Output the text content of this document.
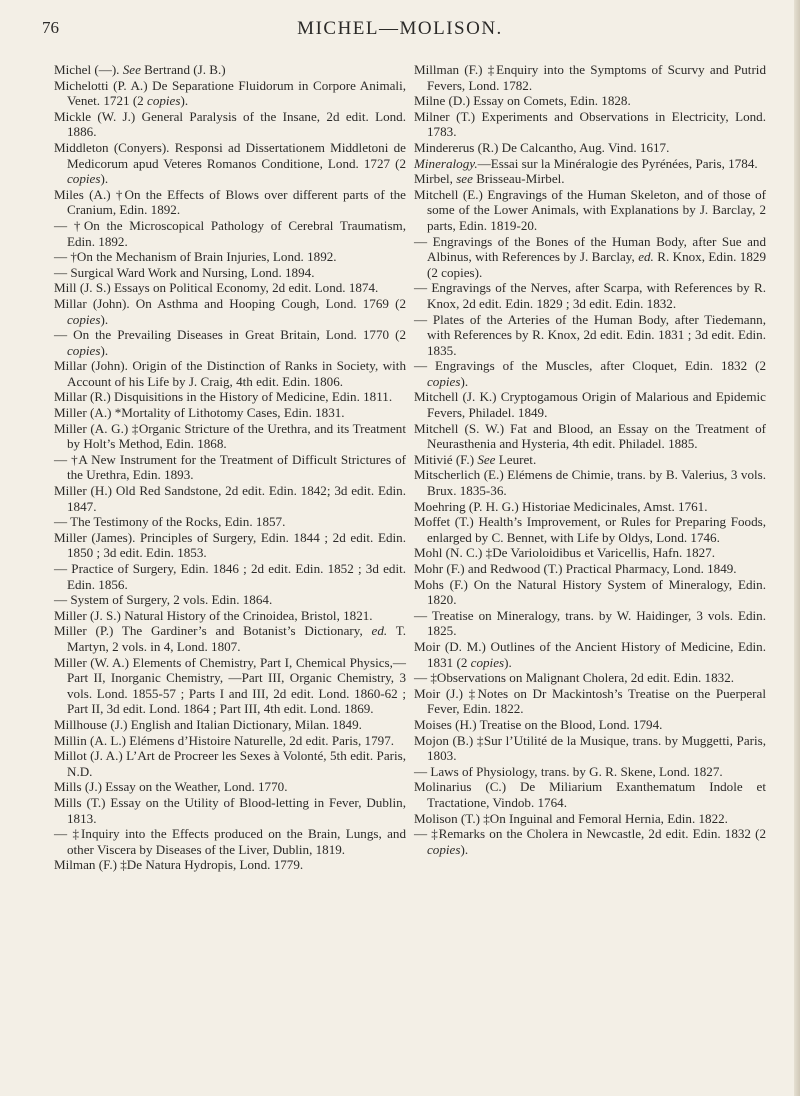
76	MICHEL—MOLISON.

Michel (—). See Bertrand (J. B.)

Michelotti (P. A.) De Separatione Fluidorum in Corpore Animali, Venet. 1721 (2 copies).

Mickle (W. J.) General Paralysis of the Insane, 2d edit. Lond. 1886.

Middleton (Conyers). Responsi ad Dissertationem Middletoni de Medicorum apud Veteres Romanos Conditione, Lond. 1727 (2 copies).

Miles (A.) †On the Effects of Blows over different parts of the Cranium, Edin. 1892.

— †On the Microscopical Pathology of Cerebral Traumatism, Edin. 1892.

— †On the Mechanism of Brain Injuries, Lond. 1892.

— Surgical Ward Work and Nursing, Lond. 1894.

Mill (J. S.) Essays on Political Economy, 2d edit. Lond. 1874.

Millar (John). On Asthma and Hooping Cough, Lond. 1769 (2 copies).

— On the Prevailing Diseases in Great Britain, Lond. 1770 (2 copies).

Millar (John). Origin of the Distinction of Ranks in Society, with Account of his Life by J. Craig, 4th edit. Edin. 1806.

Millar (R.) Disquisitions in the History of Medicine, Edin. 1811.

Miller (A.) *Mortality of Lithotomy Cases, Edin. 1831.

Miller (A. G.) ‡Organic Stricture of the Urethra, and its Treatment by Holt’s Method, Edin. 1868.

— †A New Instrument for the Treatment of Difficult Strictures of the Urethra, Edin. 1893.

Miller (H.) Old Red Sandstone, 2d edit. Edin. 1842; 3d edit. Edin. 1847.

— The Testimony of the Rocks, Edin. 1857.

Miller (James). Principles of Surgery, Edin. 1844 ; 2d edit. Edin. 1850 ; 3d edit. Edin. 1853.

— Practice of Surgery, Edin. 1846 ; 2d edit. Edin. 1852 ; 3d edit. Edin. 1856.

— System of Surgery, 2 vols. Edin. 1864.

Miller (J. S.) Natural History of the Crinoidea, Bristol, 1821.

Miller (P.) The Gardiner’s and Botanist’s Dictionary, ed. T. Martyn, 2 vols. in 4, Lond. 1807.

Miller (W. A.) Elements of Chemistry, Part I, Chemical Physics,—Part II, Inorganic Chemistry, —Part III, Organic Chemistry, 3 vols. Lond. 1855-57 ; Parts I and III, 2d edit. Lond. 1860-62 ; Part II, 3d edit. Lond. 1864 ; Part III, 4th edit. Lond. 1869.

Millhouse (J.) English and Italian Dictionary, Milan. 1849.

Millin (A. L.) Elémens d’Histoire Naturelle, 2d edit. Paris, 1797.

Millot (J. A.) L’Art de Procreer les Sexes à Volonté, 5th edit. Paris, N.D.

Mills (J.) Essay on the Weather, Lond. 1770.

Mills (T.) Essay on the Utility of Blood-letting in Fever, Dublin, 1813.

— ‡Inquiry into the Effects produced on the Brain, Lungs, and other Viscera by Diseases of the Liver, Dublin, 1819.

Milman (F.) ‡De Natura Hydropis, Lond. 1779.

Millman (F.) ‡Enquiry into the Symptoms of Scurvy and Putrid Fevers, Lond. 1782.

Milne (D.) Essay on Comets, Edin. 1828.

Milner (T.) Experiments and Observations in Electricity, Lond. 1783.

Mindererus (R.) De Calcantho, Aug. Vind. 1617.

Mineralogy.—Essai sur la Minéralogie des Pyrénées, Paris, 1784.

Mirbel, see Brisseau-Mirbel.

Mitchell (E.) Engravings of the Human Skeleton, and of those of some of the Lower Animals, with Explanations by J. Barclay, 2 parts, Edin. 1819-20.

— Engravings of the Bones of the Human Body, after Sue and Albinus, with References by J. Barclay, ed. R. Knox, Edin. 1829 (2 copies).

— Engravings of the Nerves, after Scarpa, with References by R. Knox, 2d edit. Edin. 1829 ; 3d edit. Edin. 1832.

— Plates of the Arteries of the Human Body, after Tiedemann, with References by R. Knox, 2d edit. Edin. 1831 ; 3d edit. Edin. 1835.

— Engravings of the Muscles, after Cloquet, Edin. 1832 (2 copies).

Mitchell (J. K.) Cryptogamous Origin of Malarious and Epidemic Fevers, Philadel. 1849.

Mitchell (S. W.) Fat and Blood, an Essay on the Treatment of Neurasthenia and Hysteria, 4th edit. Philadel. 1885.

Mitivié (F.) See Leuret.

Mitscherlich (E.) Elémens de Chimie, trans. by B. Valerius, 3 vols. Brux. 1835-36.

Moehring (P. H. G.) Historiae Medicinales, Amst. 1761.

Moffet (T.) Health’s Improvement, or Rules for Preparing Foods, enlarged by C. Bennet, with Life by Oldys, Lond. 1746.

Mohl (N. C.) ‡De Varioloidibus et Varicellis, Hafn. 1827.

Mohr (F.) and Redwood (T.) Practical Pharmacy, Lond. 1849.

Mohs (F.) On the Natural History System of Mineralogy, Edin. 1820.

— Treatise on Mineralogy, trans. by W. Haidinger, 3 vols. Edin. 1825.

Moir (D. M.) Outlines of the Ancient History of Medicine, Edin. 1831 (2 copies).

— ‡Observations on Malignant Cholera, 2d edit. Edin. 1832.

Moir (J.) ‡Notes on Dr Mackintosh’s Treatise on the Puerperal Fever, Edin. 1822.

Moises (H.) Treatise on the Blood, Lond. 1794.

Mojon (B.) ‡Sur l’Utilité de la Musique, trans. by Muggetti, Paris, 1803.

— Laws of Physiology, trans. by G. R. Skene, Lond. 1827.

Molinarius (C.) De Miliarium Exanthematum Indole et Tractatione, Vindob. 1764.

Molison (T.) ‡On Inguinal and Femoral Hernia, Edin. 1822.

— ‡Remarks on the Cholera in Newcastle, 2d edit. Edin. 1832 (2 copies).
